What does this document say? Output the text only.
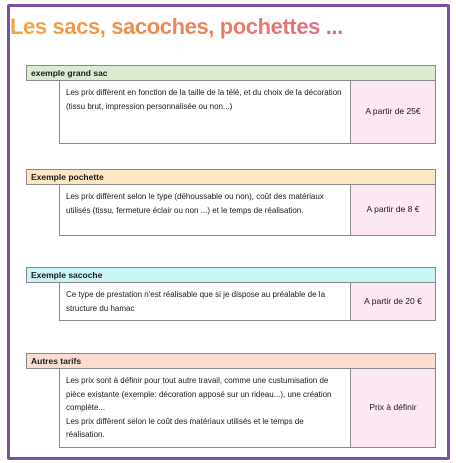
Les sacs, sacoches, pochettes ...
exemple grand sac

Les prix diffèrent en fonction de la taille de la télé, et du choix de la décoration (tissu brut, impression personnalisée ou non...)

A partir de 25€
Exemple pochette

Les prix diffèrent selon le type (déhoussable ou non), coût des matériaux utilisés (tissu, fermeture éclair ou non ...) et le temps de réalisation.	A partir de 8 €
Exemple sacoche

Ce type de prestation n'est réalisable que si je dispose au préalable de la structure du hamac

A partir de 20 €
Autres tarifs

Les prix sont à définir pour tout autre travail, comme une custumisation de pièce existante (exemple: décoration apposé sur un rideau...), une création complète...

Les prix diffèrent selon le coût des matériaux utilisés et le temps de réalisation.

Prix à définir
